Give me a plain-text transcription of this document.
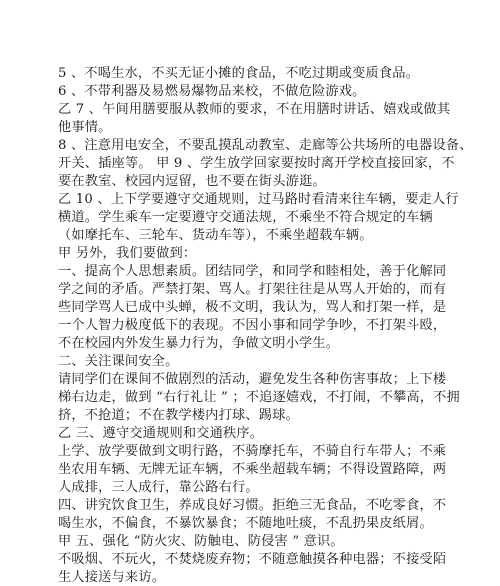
5 、不喝生水，不买无证小摊的食品，不吃过期或变质食品。
6 、不带利器及易燃易爆物品来校，不做危险游戏。
乙 7 、午间用膳要服从教师的要求，不在用膳时讲话、嬉戏或做其
他事情。
8 、注意用电安全，不要乱摸乱动教室、走廊等公共场所的电器设备、
开关、插座等。 甲 9 、学生放学回家要按时离开学校直接回家，不
要在教室、校园内逗留，也不要在街头游逛。
乙 10 、上下学要遵守交通规则，过马路时看清来往车辆，要走人行
横道。学生乘车一定要遵守交通法规，不乘坐不符合规定的车辆
（如摩托车、三轮车、货动车等），不乘坐超载车辆。
甲 另外，我们要做到：
一、提高个人思想素质。团结同学，和同学和睦相处，善于化解同
学之间的矛盾。严禁打架、骂人。打架往往是从骂人开始的，而有
些同学骂人已成中头蝉，极不文明，我认为，骂人和打架一样，是
一个人智力极度低下的表现。不因小事和同学争吵，不打架斗殴，
不在校园内外发生暴力行为，争做文明小学生。
二、关注课间安全。
请同学们在课间不做剧烈的活动，避免发生各种伤害事故；上下楼
梯右边走，做到 “右行礼让 ” ；不追逐嬉戏，不打闹，不攀高，不拥
挤，不抢道；不在教学楼内打球、踢球。
乙 三、遵守交通规则和交通秩序。
上学、放学要做到文明行路，不骑摩托车，不骑自行车带人；不乘
坐农用车辆、无牌无证车辆，不乘坐超载车辆；不得设置路障，两
人成排，三人成行，靠公路右行。
四、讲究饮食卫生，养成良好习惯。拒绝三无食品，不吃零食，不
喝生水，不偏食，不暴饮暴食；不随地吐痰，不乱扔果皮纸屑。
甲 五、强化 “防火灾、防触电、防侵害 ” 意识。
不吸烟、不玩火，不焚烧废弃物；不随意触摸各种电器；不接受陌
生人接送与来访。
